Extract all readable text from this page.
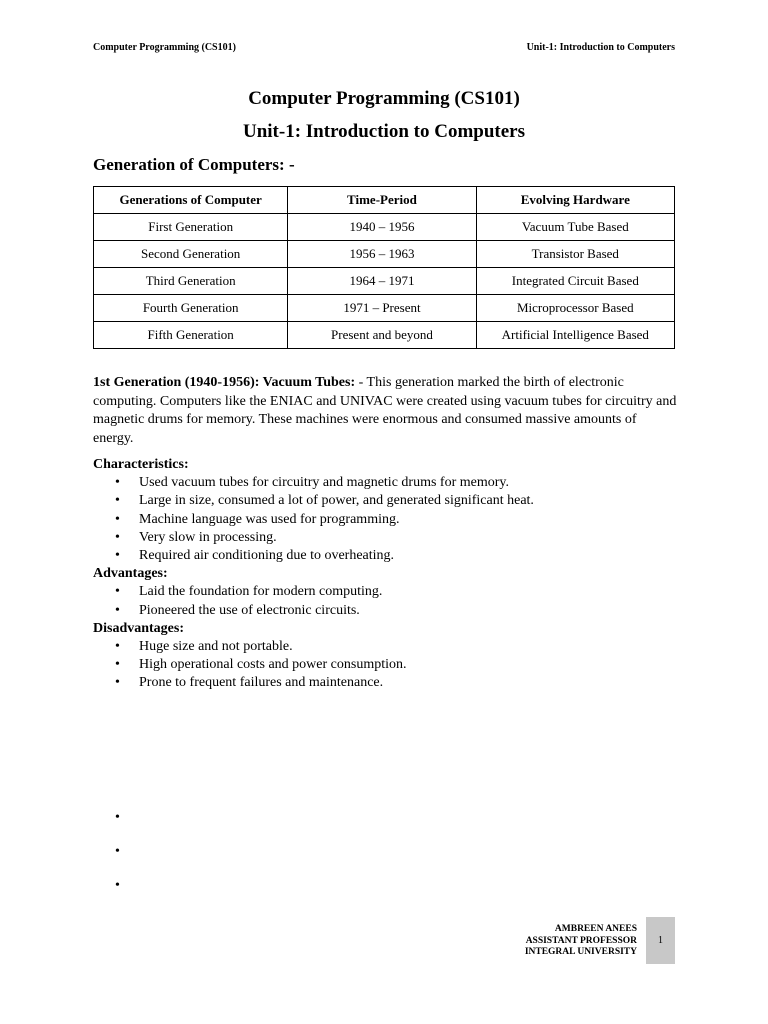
Computer Programming (CS101)	Unit-1: Introduction to Computers
Computer Programming (CS101)
Unit-1: Introduction to Computers
Generation of Computers: -
Generations of Computer	Time-Period	Evolving Hardware
First Generation	1940 – 1956	Vacuum Tube Based
Second Generation	1956 – 1963	Transistor Based
Third Generation	1964 – 1971	Integrated Circuit Based
Fourth Generation	1971 – Present	Microprocessor Based
Fifth Generation	Present and beyond	Artificial Intelligence Based
1st Generation (1940-1956): Vacuum Tubes: - This generation marked the birth of electronic computing. Computers like the ENIAC and UNIVAC were created using vacuum tubes for circuitry and magnetic drums for memory. These machines were enormous and consumed massive amounts of energy.

Characteristics:

• Used vacuum tubes for circuitry and magnetic drums for memory.
• Large in size, consumed a lot of power, and generated significant heat.
• Machine language was used for programming.
• Very slow in processing.
• Required air conditioning due to overheating.

Advantages:

• Laid the foundation for modern computing.
• Pioneered the use of electronic circuits.

Disadvantages:

• Huge size and not portable.
• High operational costs and power consumption.
• Prone to frequent failures and maintenance.
•
•
•
AMBREEN ANEES
ASSISTANT PROFESSOR
INTEGRAL UNIVERSITY
1
